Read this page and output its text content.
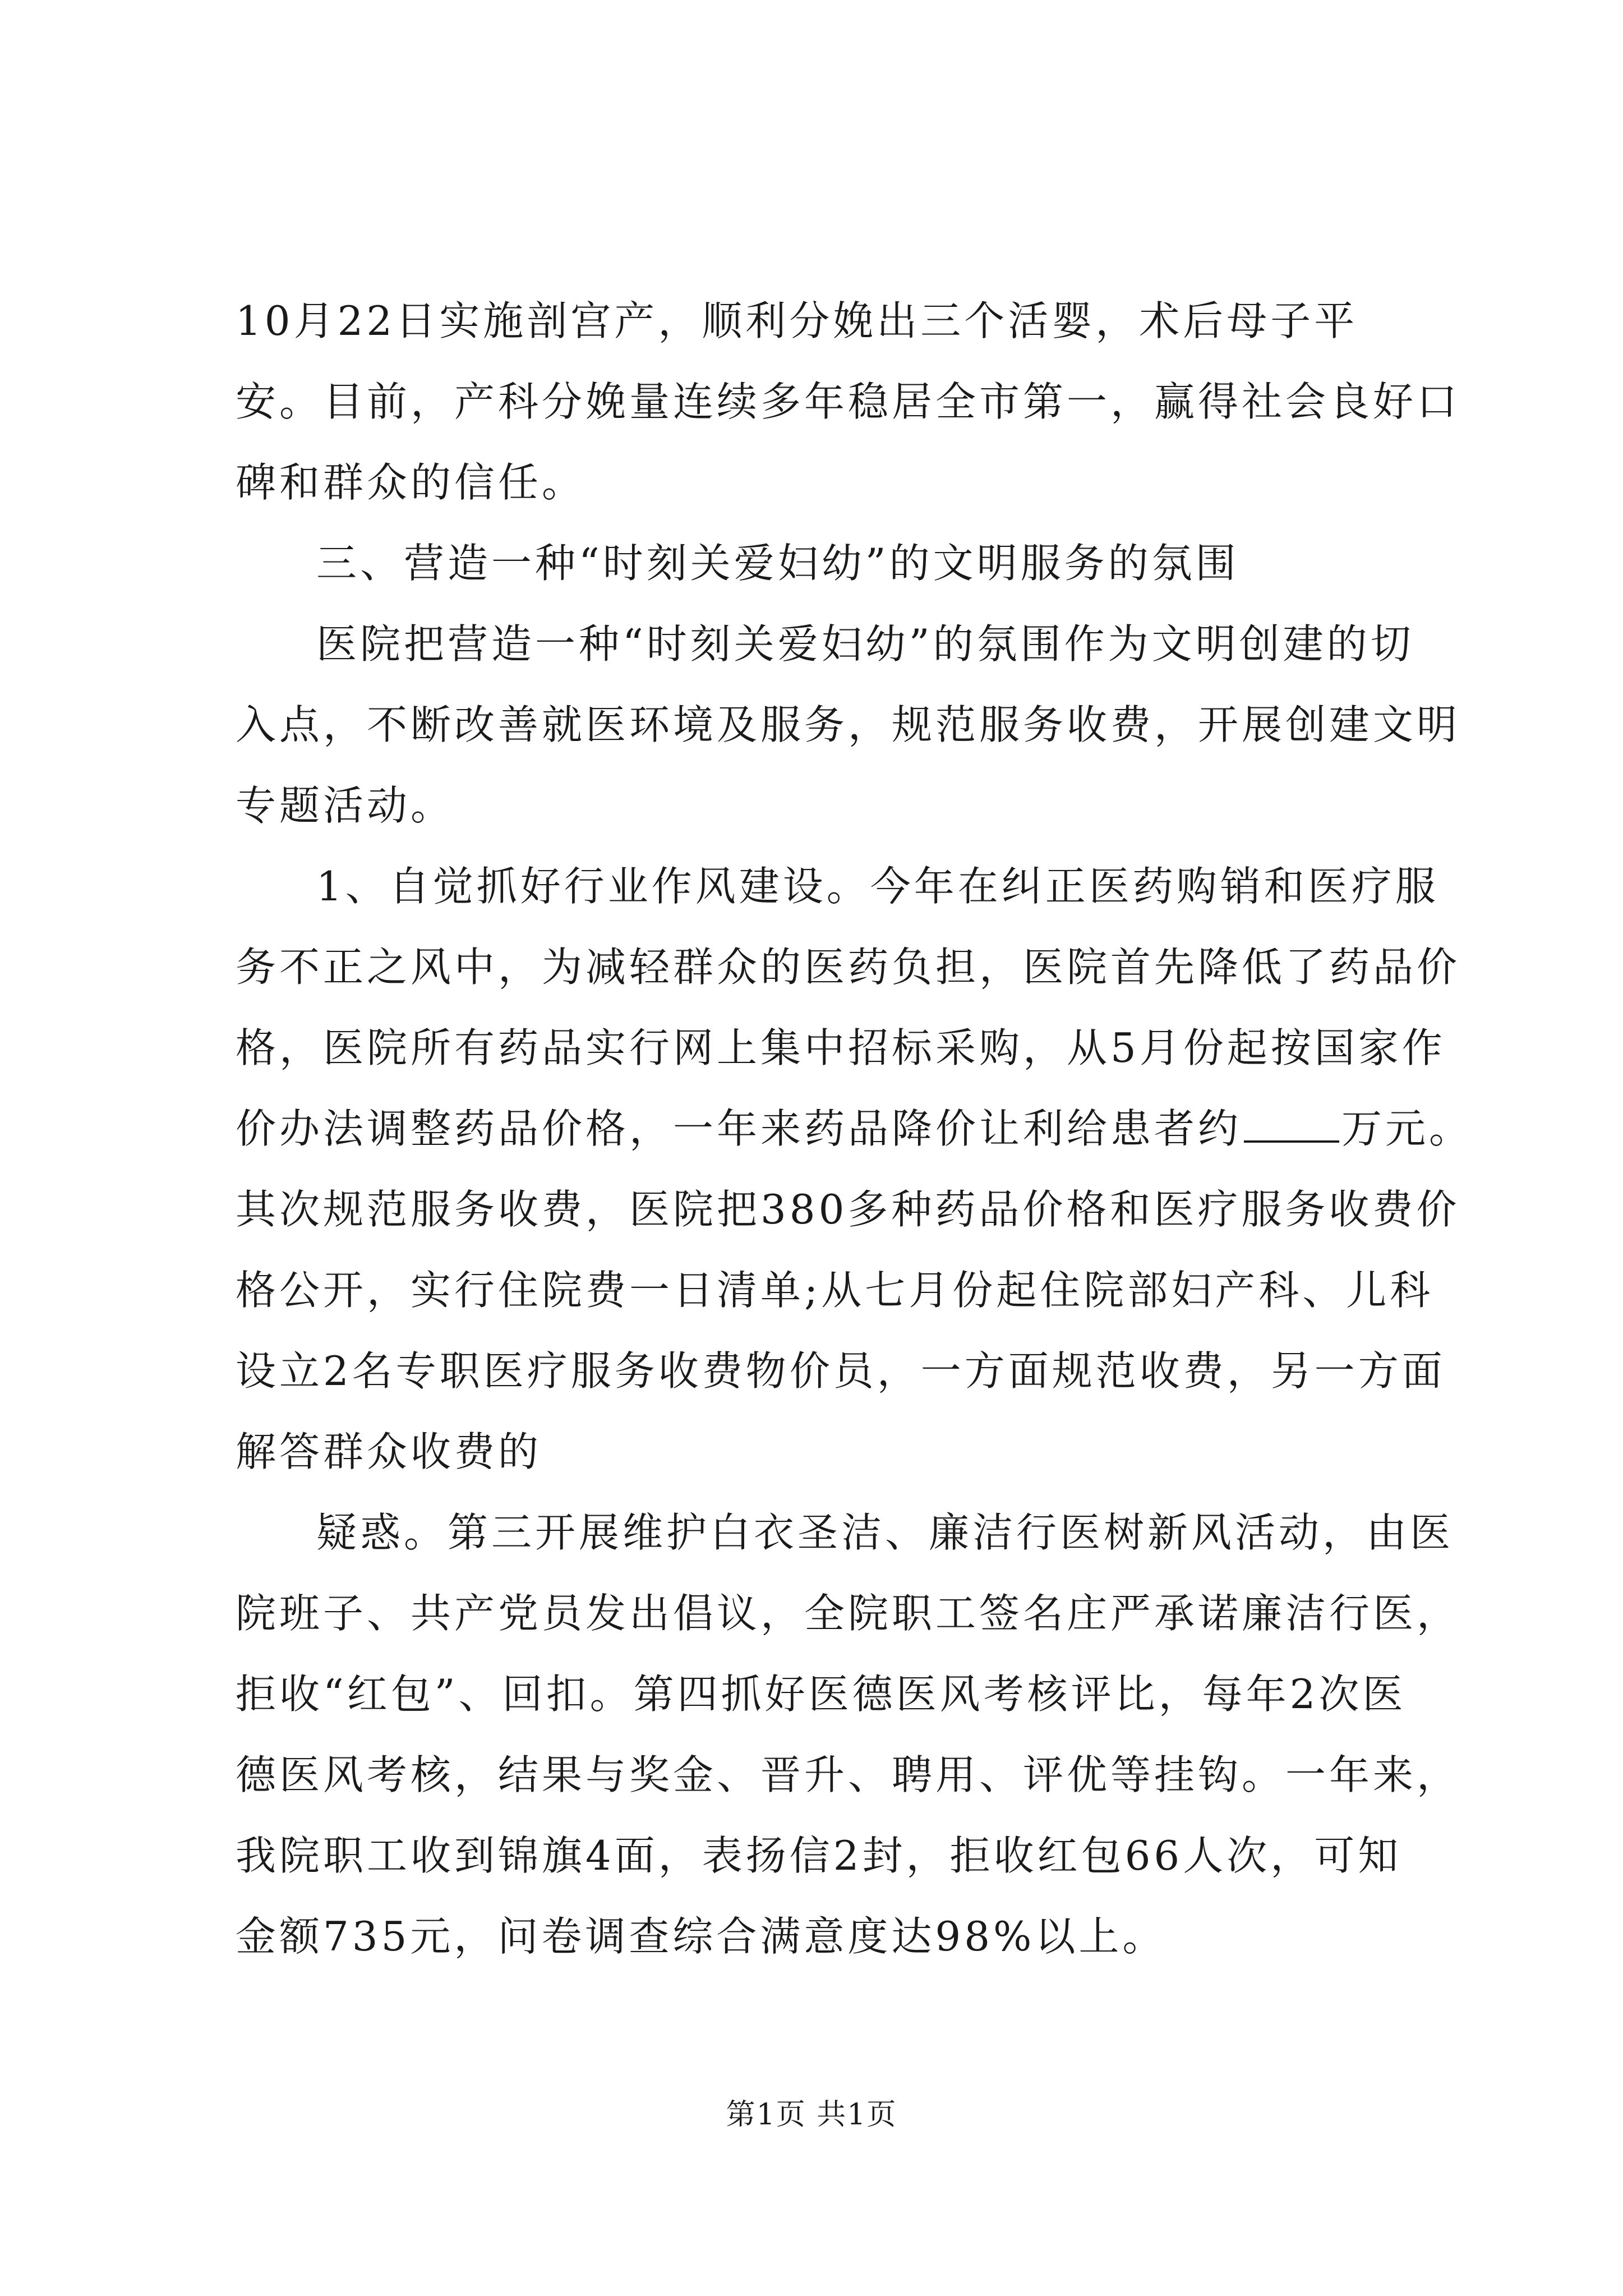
10月22日实施剖宫产，顺利分娩出三个活婴，术后母子平
安。目前，产科分娩量连续多年稳居全市第一，赢得社会良好口
碑和群众的信任。
三、营造一种“时刻关爱妇幼”的文明服务的氛围
医院把营造一种“时刻关爱妇幼”的氛围作为文明创建的切
入点，不断改善就医环境及服务，规范服务收费，开展创建文明
专题活动。
1、自觉抓好行业作风建设。今年在纠正医药购销和医疗服
务不正之风中，为减轻群众的医药负担，医院首先降低了药品价
格，医院所有药品实行网上集中招标采购，从5月份起按国家作
价办法调整药品价格，一年来药品降价让利给患者约 万元。
其次规范服务收费，医院把380多种药品价格和医疗服务收费价
格公开，实行住院费一日清单;从七月份起住院部妇产科、儿科
设立2名专职医疗服务收费物价员，一方面规范收费，另一方面
解答群众收费的
疑惑。第三开展维护白衣圣洁、廉洁行医树新风活动，由医
院班子、共产党员发出倡议，全院职工签名庄严承诺廉洁行医，
拒收“红包”、回扣。第四抓好医德医风考核评比，每年2次医
德医风考核，结果与奖金、晋升、聘用、评优等挂钩。一年来，
我院职工收到锦旗4面，表扬信2封，拒收红包66人次，可知
金额735元，问卷调查综合满意度达98%以上。
第1页 共1页
